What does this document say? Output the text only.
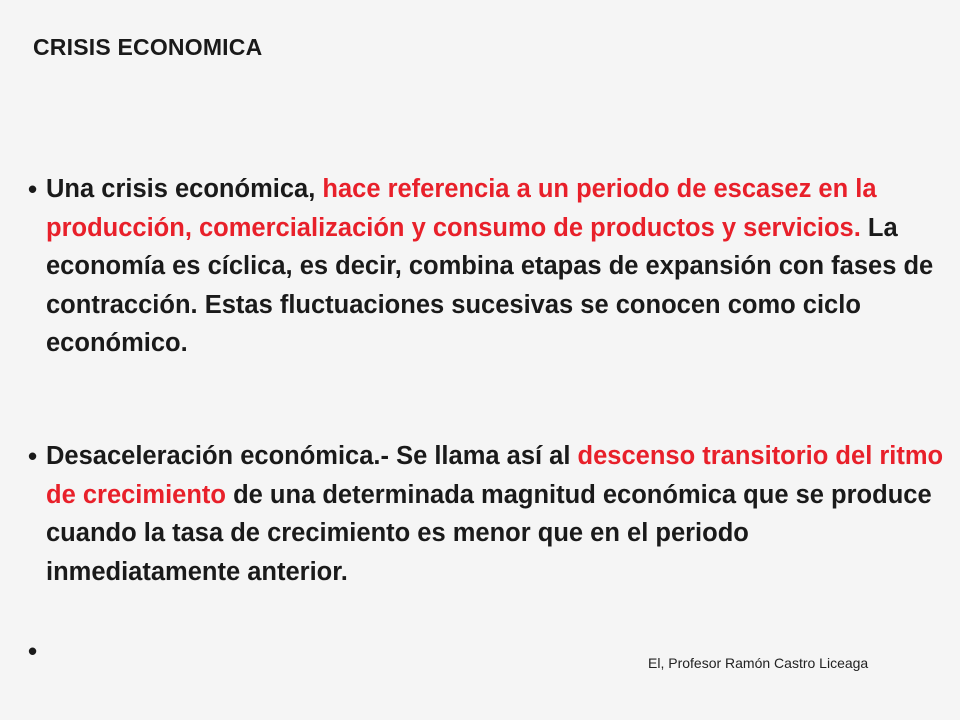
CRISIS ECONOMICA
• Una crisis económica, hace referencia a un periodo de escasez en la producción, comercialización y consumo de productos y servicios. La economía es cíclica, es decir, combina etapas de expansión con fases de contracción. Estas fluctuaciones sucesivas se conocen como ciclo económico.
• Desaceleración económica.- Se llama así al descenso transitorio del ritmo de crecimiento de una determinada magnitud económica que se produce cuando la tasa de crecimiento es menor que en el periodo inmediatamente anterior.
•	El, Profesor Ramón Castro Liceaga
